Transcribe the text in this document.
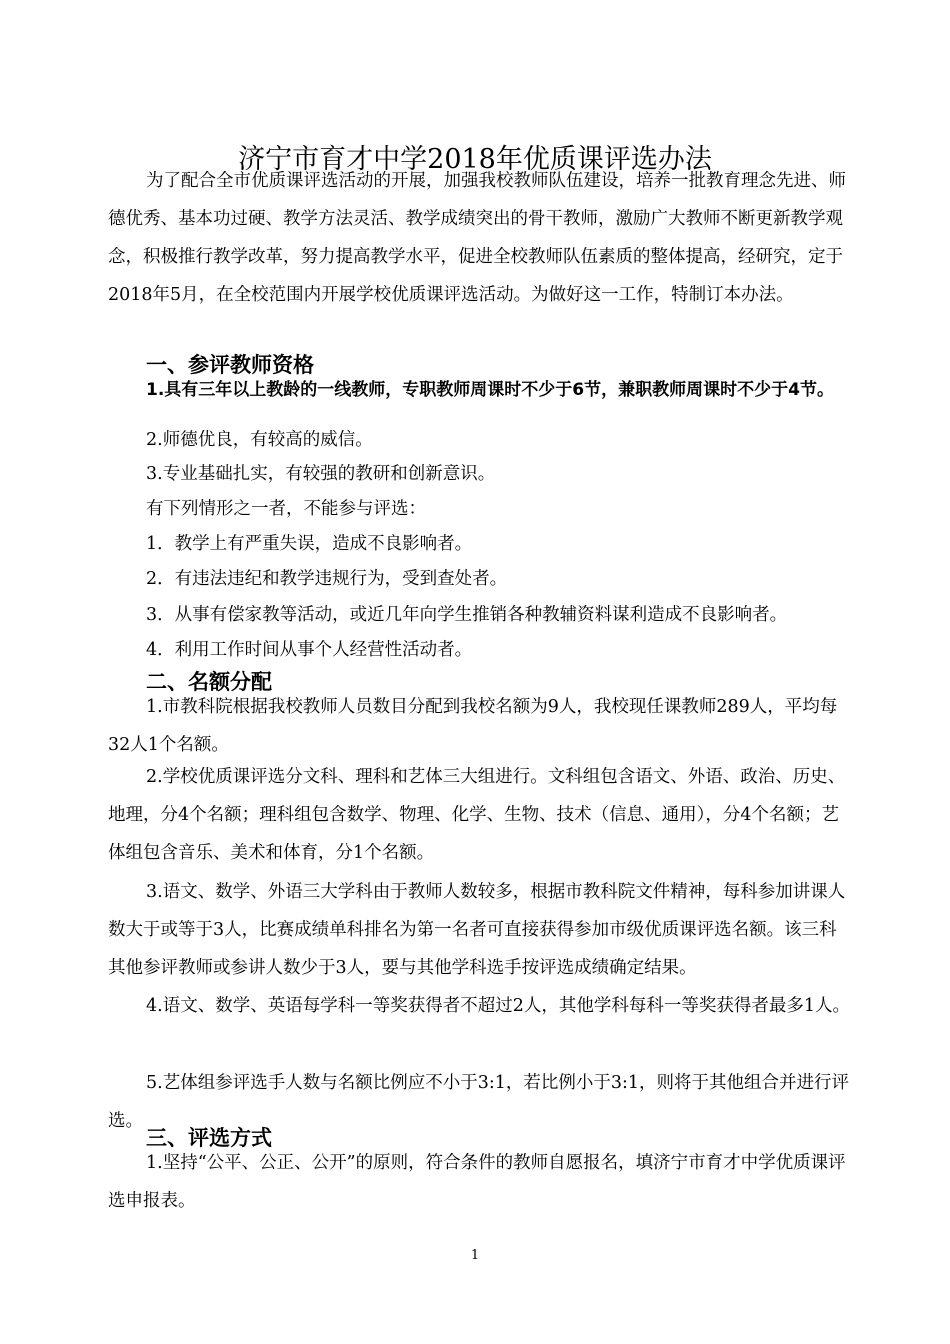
济宁市育才中学2018年优质课评选办法

为了配合全市优质课评选活动的开展，加强我校教师队伍建设，培养一批教育理念先进、师德优秀、基本功过硬、教学方法灵活、教学成绩突出的骨干教师，激励广大教师不断更新教学观念，积极推行教学改革，努力提高教学水平，促进全校教师队伍素质的整体提高，经研究，定于2018年5月，在全校范围内开展学校优质课评选活动。为做好这一工作，特制订本办法。

一、参评教师资格

1.具有三年以上教龄的一线教师，专职教师周课时不少于6节，兼职教师周课时不少于4节。

2.师德优良，有较高的威信。

3.专业基础扎实，有较强的教研和创新意识。

有下列情形之一者，不能参与评选：

1．教学上有严重失误，造成不良影响者。

2．有违法违纪和教学违规行为，受到查处者。

3．从事有偿家教等活动，或近几年向学生推销各种教辅资料谋利造成不良影响者。

4．利用工作时间从事个人经营性活动者。

二、名额分配

1.市教科院根据我校教师人员数目分配到我校名额为9人，我校现任课教师289人，平均每32人1个名额。

2.学校优质课评选分文科、理科和艺体三大组进行。文科组包含语文、外语、政治、历史、地理，分4个名额；理科组包含数学、物理、化学、生物、技术（信息、通用），分4个名额；艺体组包含音乐、美术和体育，分1个名额。

3.语文、数学、外语三大学科由于教师人数较多，根据市教科院文件精神，每科参加讲课人数大于或等于3人，比赛成绩单科排名为第一名者可直接获得参加市级优质课评选名额。该三科其他参评教师或参讲人数少于3人，要与其他学科选手按评选成绩确定结果。

4.语文、数学、英语每学科一等奖获得者不超过2人，其他学科每科一等奖获得者最多1人。

5.艺体组参评选手人数与名额比例应不小于3:1，若比例小于3:1，则将于其他组合并进行评选。

三、评选方式

1.坚持“公平、公正、公开”的原则，符合条件的教师自愿报名，填济宁市育才中学优质课评选申报表。

1
